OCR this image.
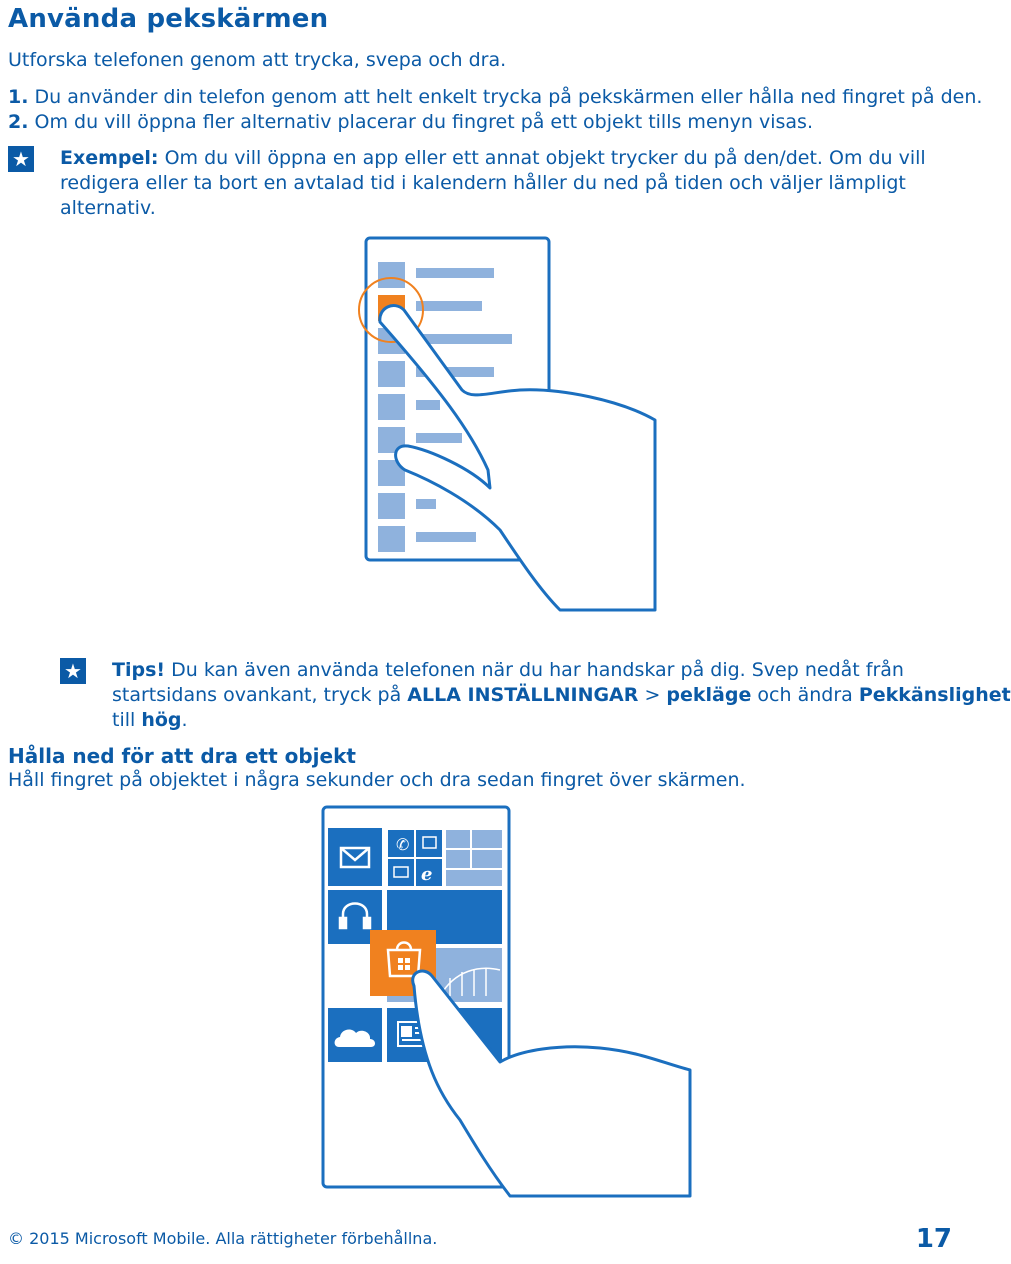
Använda pekskärmen
Utforska telefonen genom att trycka, svepa och dra.
1. Du använder din telefon genom att helt enkelt trycka på pekskärmen eller hålla ned fingret på den.
2. Om du vill öppna fler alternativ placerar du fingret på ett objekt tills menyn visas.
★ Exempel: Om du vill öppna en app eller ett annat objekt trycker du på den/det. Om du vill
redigera eller ta bort en avtalad tid i kalendern håller du ned på tiden och väljer lämpligt
alternativ.
★ Tips! Du kan även använda telefonen när du har handskar på dig. Svep nedåt från
startsidans ovankant, tryck på ALLA INSTÄLLNINGAR > pekläge och ändra Pekkänslighet
till hög.
Hålla ned för att dra ett objekt
Håll fingret på objektet i några sekunder och dra sedan fingret över skärmen.
✆
e
© 2015 Microsoft Mobile. Alla rättigheter förbehållna.	17
